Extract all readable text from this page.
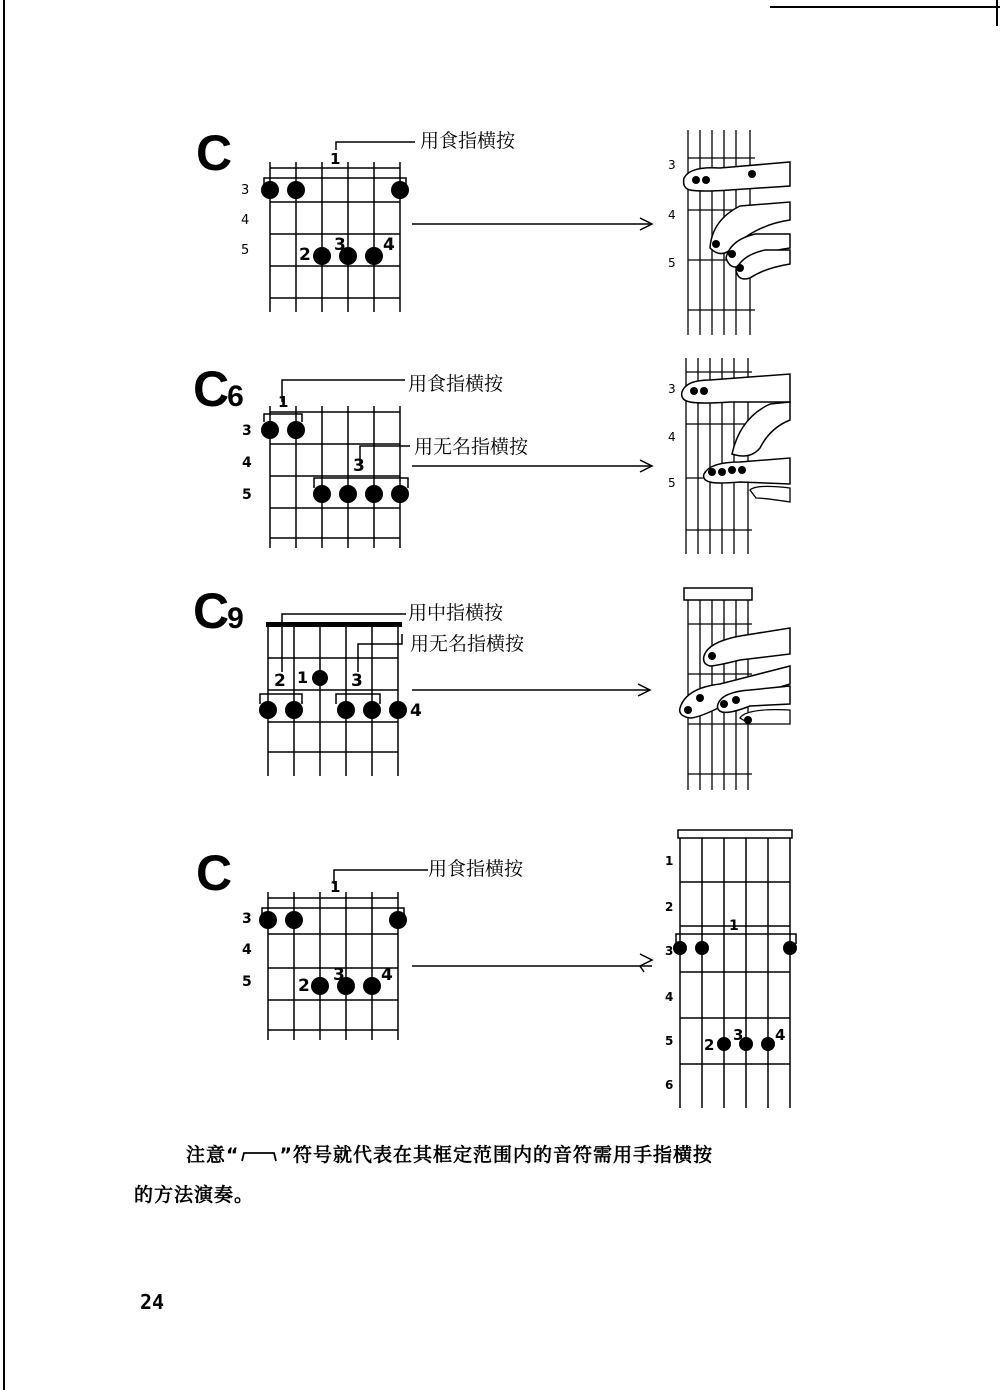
C	用食指横按
1
2 3 4
3
4
5
3
4
5
C6	用食指横按
用无名指横按
1
3
3
4
5
3
4
5
C9	用中指横按
用无名指横按
1
2	3
4
C	用食指横按
1
2
3 4
3
4
5
1
2
3 4
1
2
3
4
5
6
注意“ ”符号就代表在其框定范围内的音符需用手指横按
的方法演奏。
24
